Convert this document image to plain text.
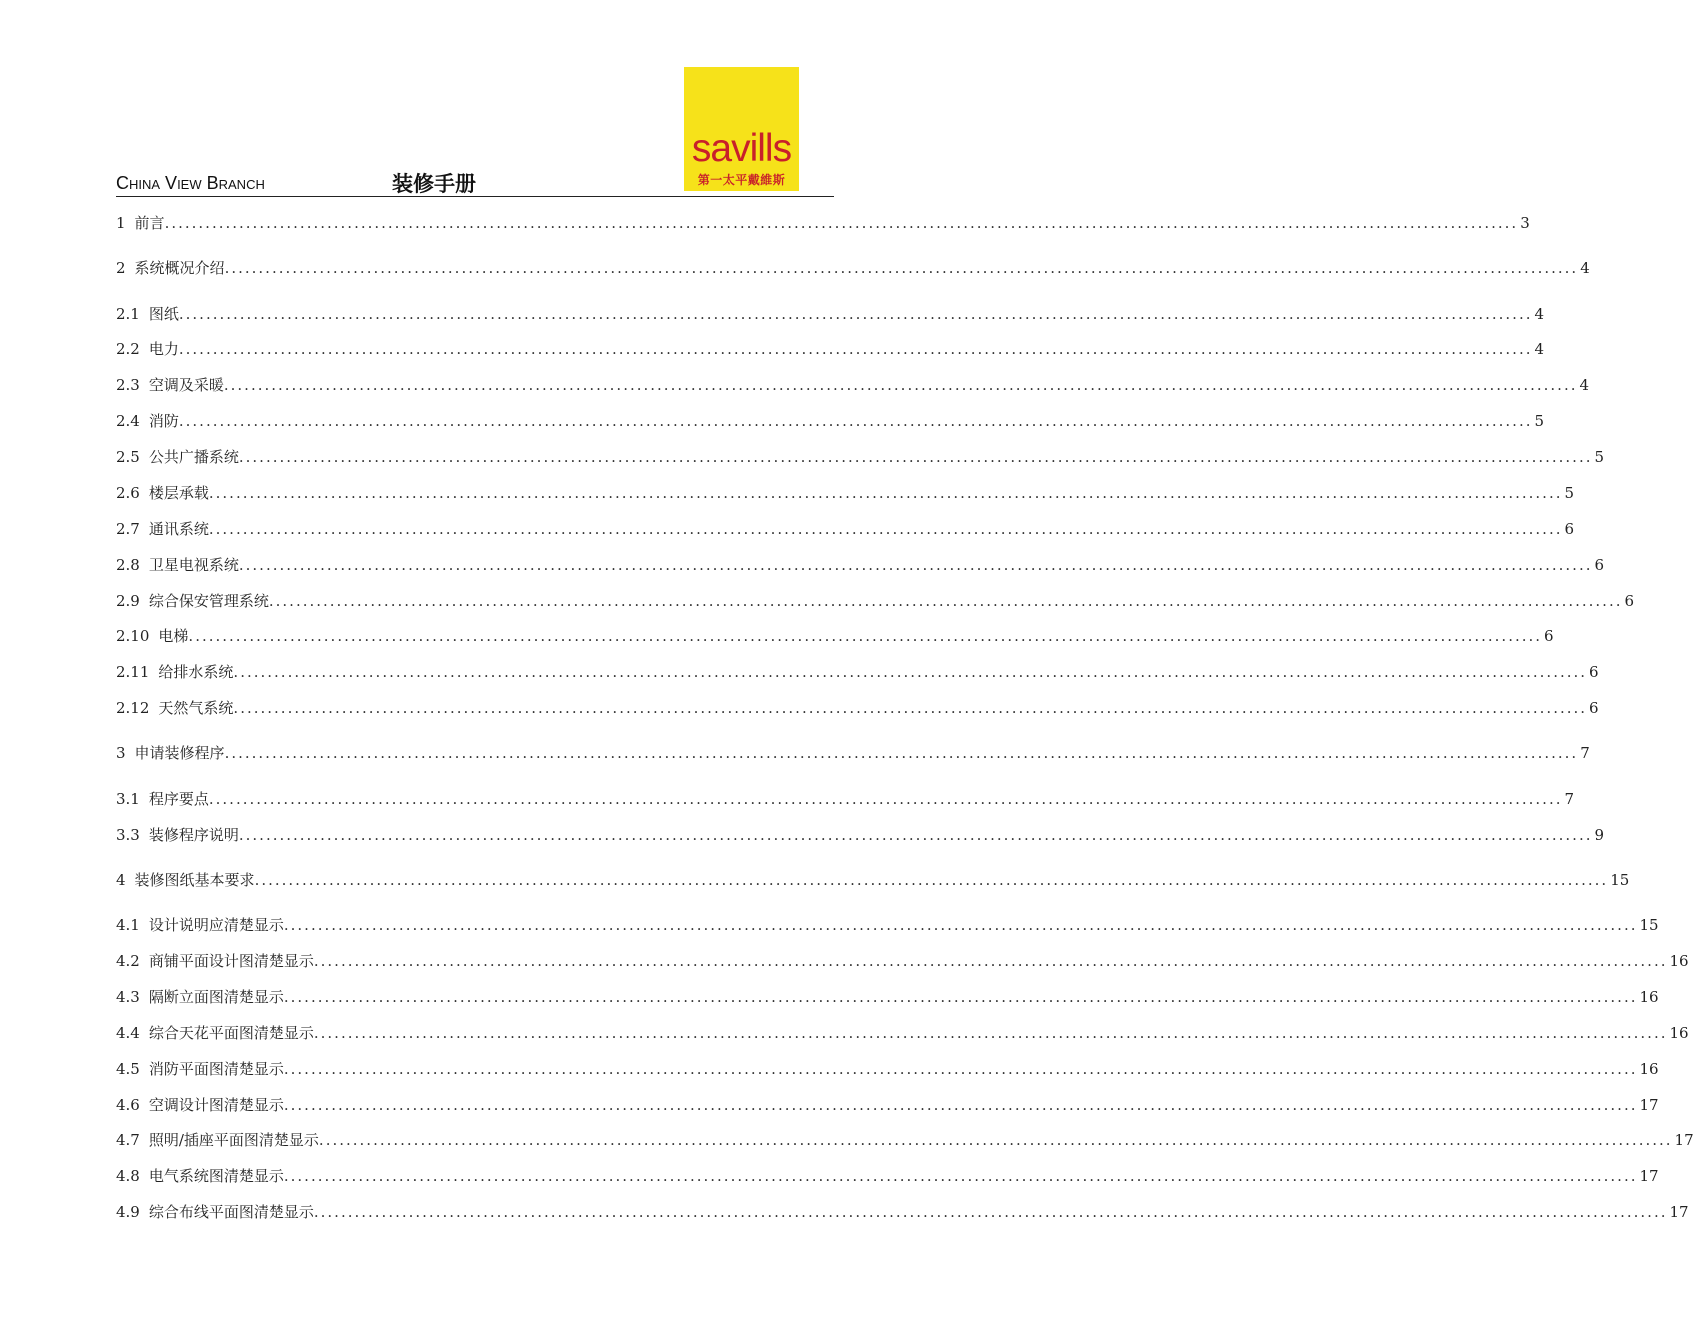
savills
第一太平戴維斯
China View Branch	装修手册
1 前言 ........................................................................................................................................................................................................ 3
2 系统概况介绍 ........................................................................................................................................................................................................ 4
2.1 图纸 ........................................................................................................................................................................................................ 4
2.2 电力 ........................................................................................................................................................................................................ 4
2.3 空调及采暖 ........................................................................................................................................................................................................ 4
2.4 消防 ........................................................................................................................................................................................................ 5
2.5 公共广播系统 ........................................................................................................................................................................................................ 5
2.6 楼层承载 ........................................................................................................................................................................................................ 5
2.7 通讯系统 ........................................................................................................................................................................................................ 6
2.8 卫星电视系统 ........................................................................................................................................................................................................ 6
2.9 综合保安管理系统 ........................................................................................................................................................................................................ 6
2.10 电梯 ........................................................................................................................................................................................................ 6
2.11 给排水系统 ........................................................................................................................................................................................................ 6
2.12 天然气系统 ........................................................................................................................................................................................................ 6
3 申请装修程序 ........................................................................................................................................................................................................ 7
3.1 程序要点 ........................................................................................................................................................................................................ 7
3.3 装修程序说明 ........................................................................................................................................................................................................ 9
4 装修图纸基本要求 ........................................................................................................................................................................................................ 15
4.1 设计说明应清楚显示 ........................................................................................................................................................................................................ 15
4.2 商铺平面设计图清楚显示 ........................................................................................................................................................................................................ 16
4.3 隔断立面图清楚显示 ........................................................................................................................................................................................................ 16
4.4 综合天花平面图清楚显示 ........................................................................................................................................................................................................ 16
4.5 消防平面图清楚显示 ........................................................................................................................................................................................................ 16
4.6 空调设计图清楚显示 ........................................................................................................................................................................................................ 17
4.7 照明/插座平面图清楚显示 ........................................................................................................................................................................................................ 17
4.8 电气系统图清楚显示 ........................................................................................................................................................................................................ 17
4.9 综合布线平面图清楚显示 ........................................................................................................................................................................................................ 17
